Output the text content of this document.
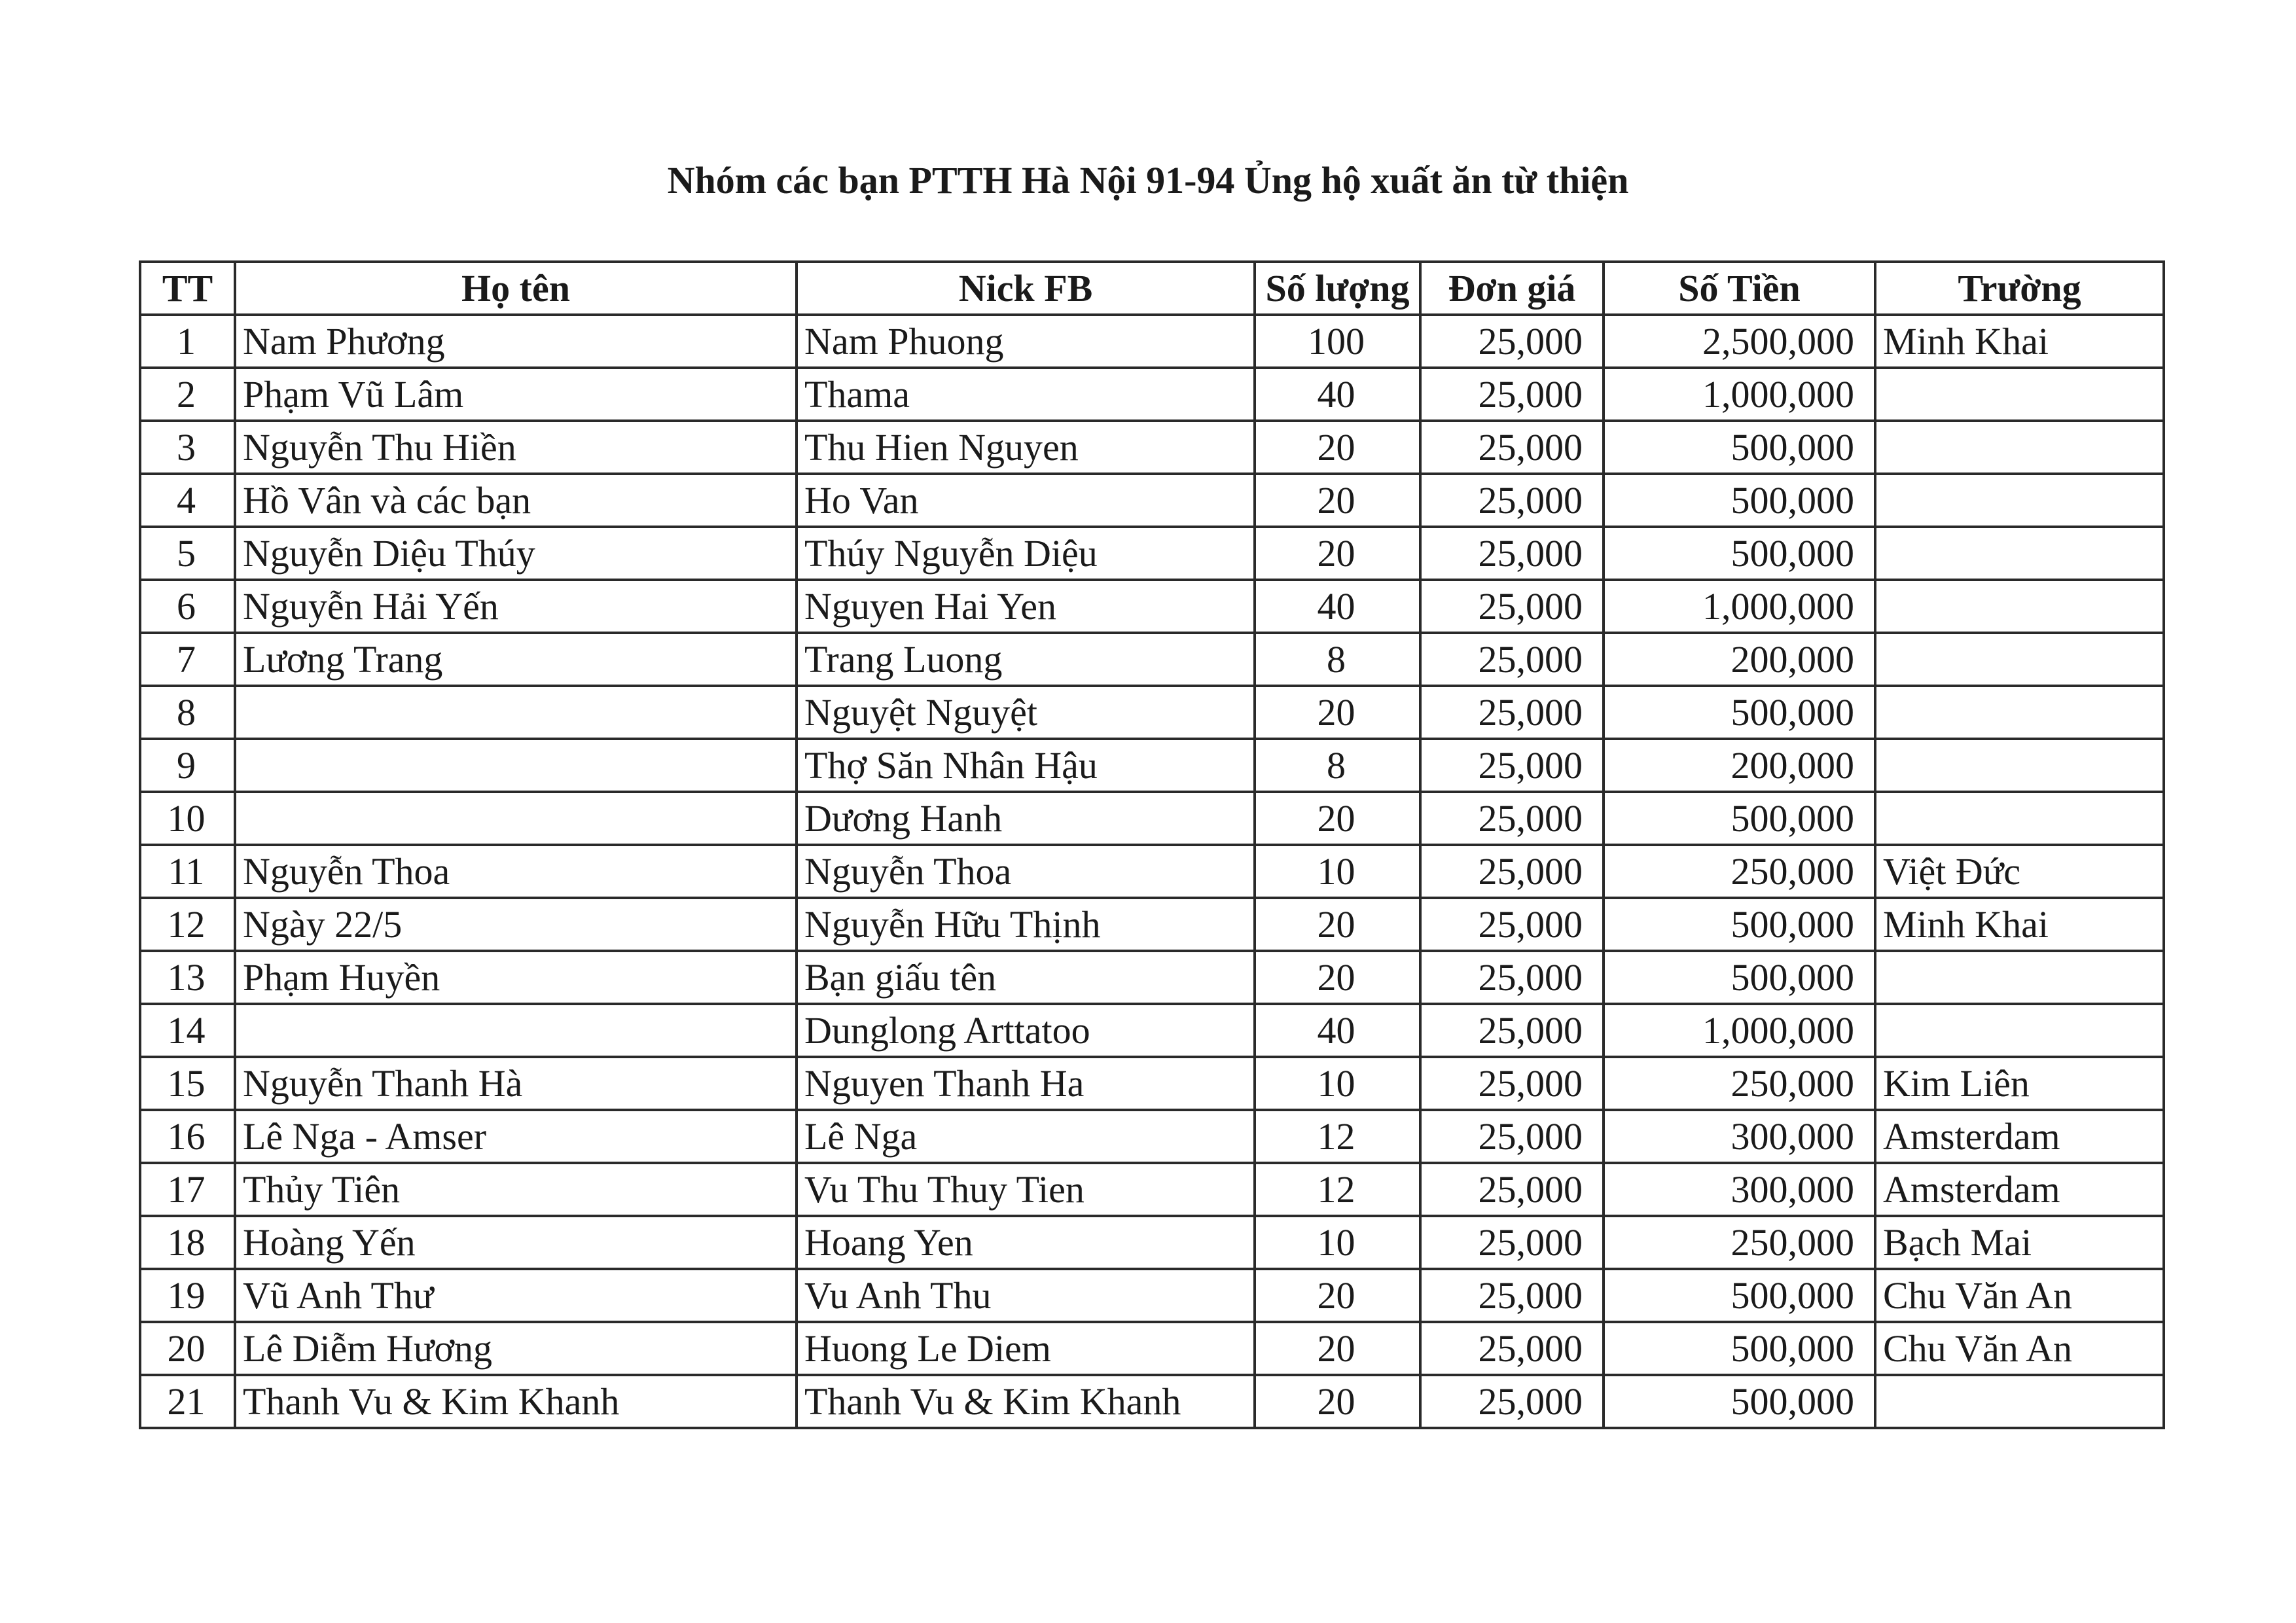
Nhóm các bạn PTTH Hà Nội 91-94 Ủng hộ xuất ăn từ thiện
TT	Họ tên	Nick FB	Số lượng	Đơn giá	Số Tiền	Trường
1	Nam Phương	Nam Phuong	100	25,000	2,500,000	Minh Khai
2	Phạm Vũ Lâm	Thama	40	25,000	1,000,000	
3	Nguyễn Thu Hiền	Thu Hien Nguyen	20	25,000	500,000	
4	Hồ Vân và các bạn	Ho Van	20	25,000	500,000	
5	Nguyễn Diệu Thúy	Thúy Nguyễn Diệu	20	25,000	500,000	
6	Nguyễn Hải Yến	Nguyen Hai Yen	40	25,000	1,000,000	
7	Lương Trang	Trang Luong	8	25,000	200,000	
8		Nguyệt Nguyệt	20	25,000	500,000	
9		Thợ Săn Nhân Hậu	8	25,000	200,000	
10		Dương Hanh	20	25,000	500,000	
11	Nguyễn Thoa	Nguyễn Thoa	10	25,000	250,000	Việt Đức
12	Ngày 22/5	Nguyễn Hữu Thịnh	20	25,000	500,000	Minh Khai
13	Phạm Huyền	Bạn giấu tên	20	25,000	500,000	
14		Dunglong Arttatoo	40	25,000	1,000,000	
15	Nguyễn Thanh Hà	Nguyen Thanh Ha	10	25,000	250,000	Kim Liên
16	Lê Nga - Amser	Lê Nga	12	25,000	300,000	Amsterdam
17	Thủy Tiên	Vu Thu Thuy Tien	12	25,000	300,000	Amsterdam
18	Hoàng Yến	Hoang Yen	10	25,000	250,000	Bạch Mai
19	Vũ Anh Thư	Vu Anh Thu	20	25,000	500,000	Chu Văn An
20	Lê Diễm Hương	Huong Le Diem	20	25,000	500,000	Chu Văn An
21	Thanh Vu & Kim Khanh	Thanh Vu & Kim Khanh	20	25,000	500,000	
